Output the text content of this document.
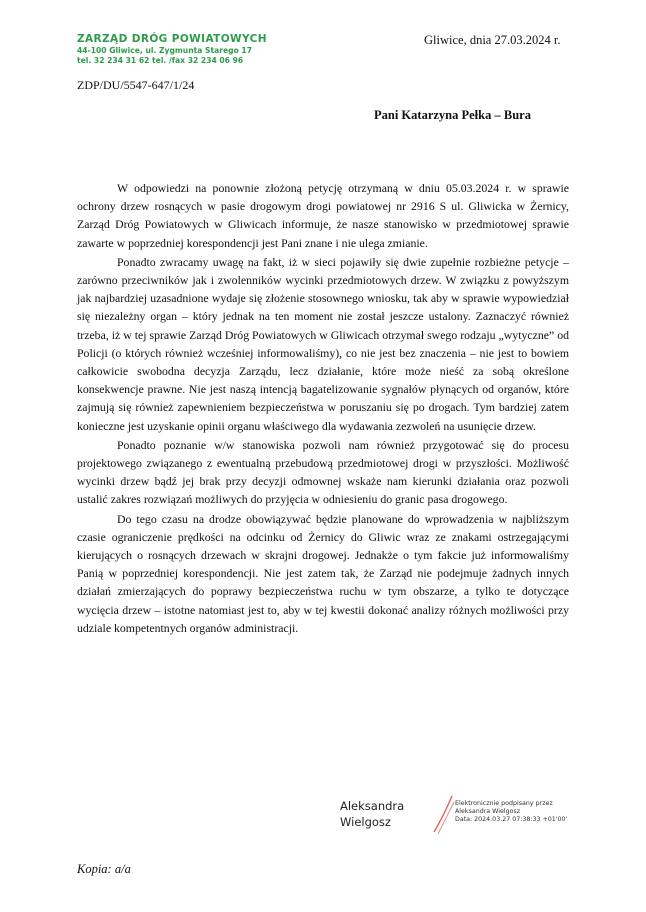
ZARZĄD DRÓG POWIATOWYCH
44-100 Gliwice, ul. Zygmunta Starego 17
tel. 32 234 31 62 tel. /fax 32 234 06 96
Gliwice, dnia 27.03.2024 r.
ZDP/DU/5547-647/1/24
Pani Katarzyna Pełka – Bura

W odpowiedzi na ponownie złożoną petycję otrzymaną w dniu 05.03.2024 r. w sprawie ochrony drzew rosnących w pasie drogowym drogi powiatowej nr 2916 S ul. Gliwicka w Żernicy, Zarząd Dróg Powiatowych w Gliwicach informuje, że nasze stanowisko w przedmiotowej sprawie zawarte w poprzedniej korespondencji jest Pani znane i nie ulega zmianie.

Ponadto zwracamy uwagę na fakt, iż w sieci pojawiły się dwie zupełnie rozbieżne petycje – zarówno przeciwników jak i zwolenników wycinki przedmiotowych drzew. W związku z powyższym jak najbardziej uzasadnione wydaje się złożenie stosownego wniosku, tak aby w sprawie wypowiedział się niezależny organ – który jednak na ten moment nie został jeszcze ustalony. Zaznaczyć również trzeba, iż w tej sprawie Zarząd Dróg Powiatowych w Gliwicach otrzymał swego rodzaju „wytyczne” od Policji (o których również wcześniej informowaliśmy), co nie jest bez znaczenia – nie jest to bowiem całkowicie swobodna decyzja Zarządu, lecz działanie, które może nieść za sobą określone konsekwencje prawne. Nie jest naszą intencją bagatelizowanie sygnałów płynących od organów, które zajmują się również zapewnieniem bezpieczeństwa w poruszaniu się po drogach. Tym bardziej zatem konieczne jest uzyskanie opinii organu właściwego dla wydawania zezwoleń na usunięcie drzew.

Ponadto poznanie w/w stanowiska pozwoli nam również przygotować się do procesu projektowego związanego z ewentualną przebudową przedmiotowej drogi w przyszłości. Możliwość wycinki drzew bądź jej brak przy decyzji odmownej wskaże nam kierunki działania oraz pozwoli ustalić zakres rozwiązań możliwych do przyjęcia w odniesieniu do granic pasa drogowego.

Do tego czasu na drodze obowiązywać będzie planowane do wprowadzenia w najbliższym czasie ograniczenie prędkości na odcinku od Żernicy do Gliwic wraz ze znakami ostrzegającymi kierujących o rosnących drzewach w skrajni drogowej. Jednakże o tym fakcie już informowaliśmy Panią w poprzedniej korespondencji. Nie jest zatem tak, że Zarząd nie podejmuje żadnych innych działań zmierzających do poprawy bezpieczeństwa ruchu w tym obszarze, a tylko te dotyczące wycięcia drzew – istotne natomiast jest to, aby w tej kwestii dokonać analizy różnych możliwości przy udziale kompetentnych organów administracji.

Aleksandra
Wielgosz
Elektronicznie podpisany przez
Aleksandra Wielgosz
Data: 2024.03.27 07:38:33 +01'00'
Kopia: a/a
